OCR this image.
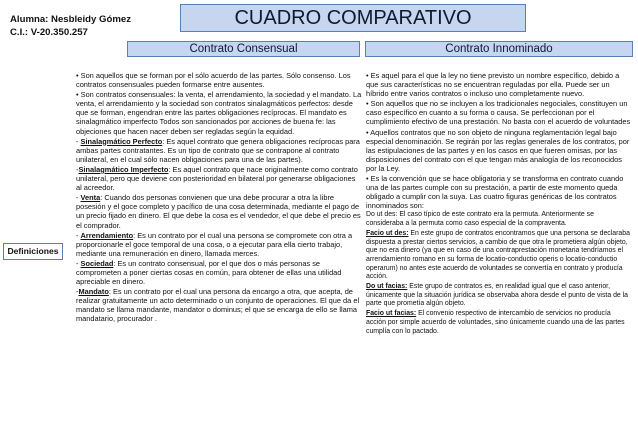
Alumna: Nesbleidy Gómez
C.I.: V-20.350.257
CUADRO COMPARATIVO
Contrato Consensual	Contrato Innominado
Definiciones

• Son aquellos que se forman por el sólo acuerdo de las partes. Sólo consenso. Los contratos consensuales pueden formarse entre ausentes.

• Son contratos consensuales: la venta, el arrendamiento, la sociedad y el mandato. La venta, el arrendamiento y la sociedad son contratos sinalagmáticos perfectos: desde que se forman, engendran entre las partes obligaciones recíprocas. El mandato es sinalagmático imperfecto Todos son sancionados por acciones de buena fe: las objeciones que hacen nacer deben ser regladas según la equidad.

- Sinalagmático Perfecto: Es aquel contrato que genera obligaciones recíprocas para ambas partes contratantes. Es un tipo de contrato que se contrapone al contrato unilateral, en el cual sólo nacen obligaciones para una de las partes).

-Sinalagmático Imperfecto: Es aquel contrato que nace originalmente como contrato unilateral, pero que deviene con posterioridad en bilateral por generarse obligaciones al acreedor.

- Venta: Cuando dos personas convienen que una debe procurar a otra la libre posesión y el goce completo y pacífico de una cosa determinada, mediante el pago de un precio fijado en dinero. El que debe la cosa es el vendedor, el que debe el precio es el comprador.

- Arrendamiento: Es un contrato por el cual una persona se compromete con otra a proporcionarle el goce temporal de una cosa, o a ejecutar para ella cierto trabajo, mediante una remuneración en dinero, llamada merces.

- Sociedad: Es un contrato consensual, por el que dos o más personas se comprometen a poner ciertas cosas en común, para obtener de ellas una utilidad apreciable en dinero.

-Mandato: Es un contrato por el cual una persona da encargo a otra, que acepta, de realizar gratuitamente un acto determinado o un conjunto de operaciones. El que da el mandato se llama mandante, mandator o dominus; el que se encarga de ello se llama mandatario, procurador .

• Es aquel para el que la ley no tiene previsto un nombre específico, debido a que sus características no se encuentran reguladas por ella. Puede ser un híbrido entre varios contratos o incluso uno completamente nuevo.

• Son aquellos que no se incluyen a los tradicionales negociales, constituyen un caso específico en cuanto a su forma o causa. Se perfeccionan por el cumplimiento efectivo de una prestación. No basta con el acuerdo de voluntades

• Aquellos contratos que no son objeto de ninguna reglamentación legal bajo especial denominación. Se regirán por las reglas generales de los contratos, por las estipulaciones de las partes y en los casos en que fueren omisas, por las disposiciones del contrato con el que tengan más analogía de los reconocidos por la Ley.

• Es la convención que se hace obligatoria y se transforma en contrato cuando una de las partes cumple con su prestación, a partir de este momento queda obligado a cumplir con la suya. Las cuatro figuras genéricas de los contratos innominados son:

Do ut des: El caso típico de este contrato era la permuta. Anteriormente se consideraba a la permuta como caso especial de la compraventa.

Facio ut des: En este grupo de contratos encontramos que una persona se declaraba dispuesta a prestar ciertos servicios, a cambio de que otra le prometiera algún objeto, que no era dinero (ya que en caso de una contraprestación monetaria tendríamos el arrendamiento romano en su forma de locatio-conductio operis o locatio-conductio operarum) no antes este acuerdo de voluntades se convertía en contrato y producía acción.

Do ut facias: Este grupo de contratos es, en realidad igual que el caso anterior, únicamente que la situación jurídica se observaba ahora desde el punto de vista de la parte que prometía algún objeto.

Facio ut facias: El convenio respectivo de intercambio de servicios no producía acción por simple acuerdo de voluntades, sino únicamente cuando una de las partes cumplía con lo pactado.
